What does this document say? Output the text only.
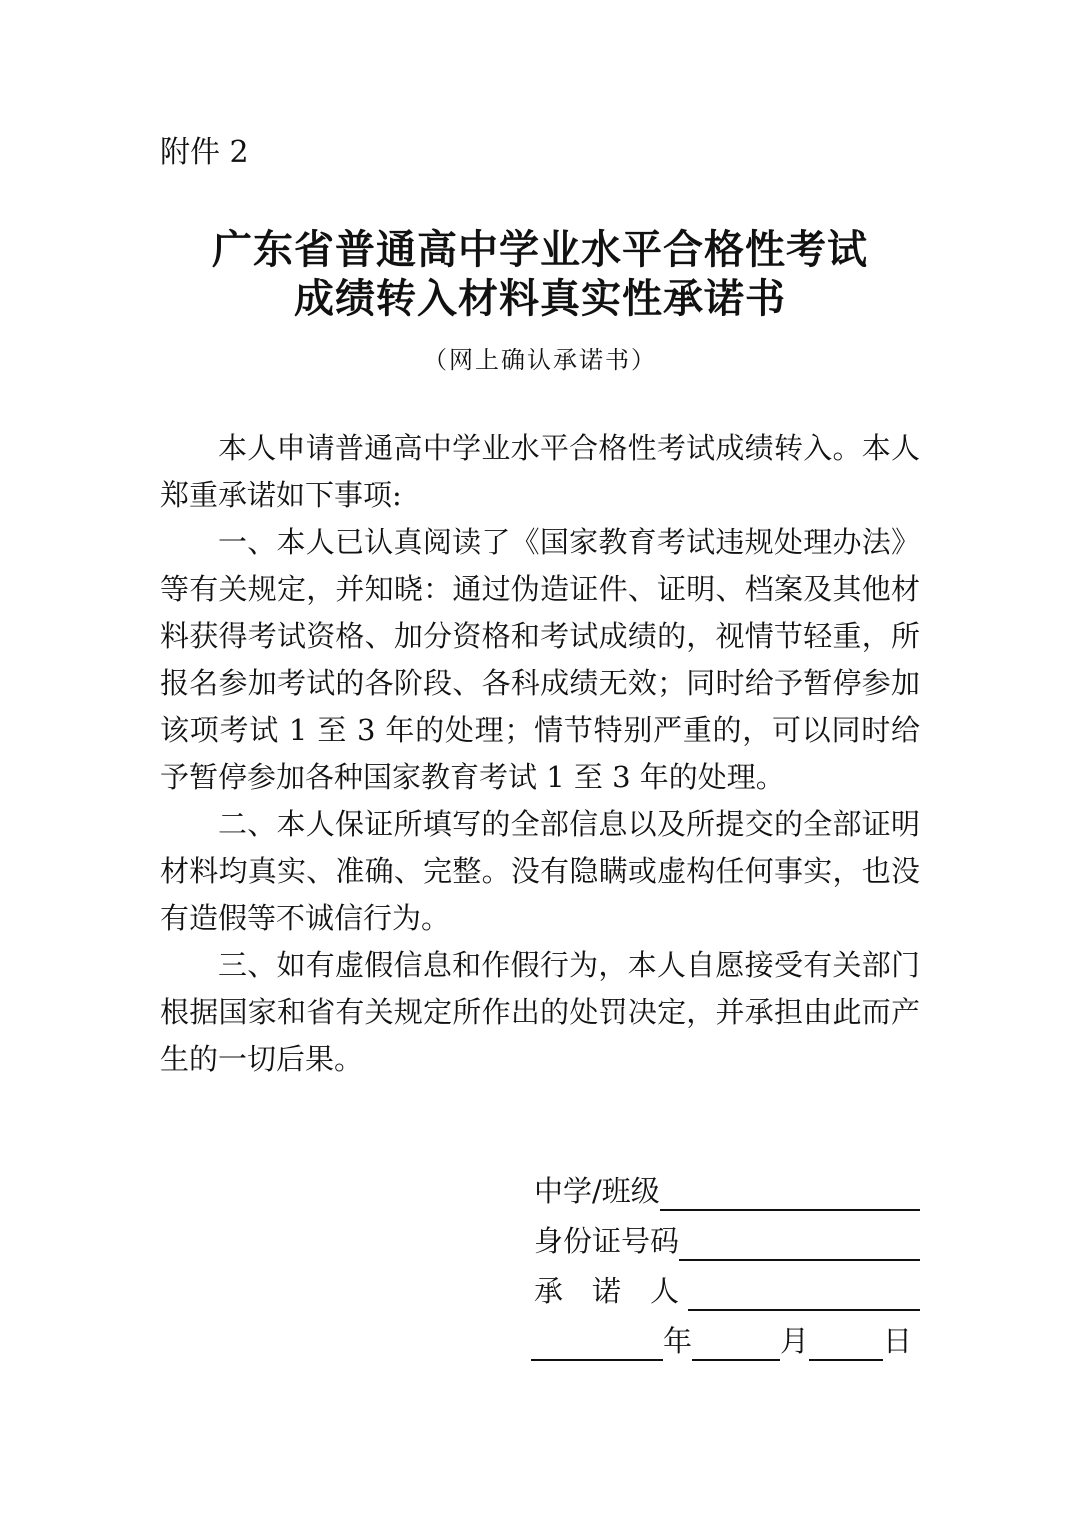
附件 2
广东省普通高中学业水平合格性考试
成绩转入材料真实性承诺书
（网上确认承诺书）

本人申请普通高中学业水平合格性考试成绩转入。本人郑重承诺如下事项:

一、本人已认真阅读了《国家教育考试违规处理办法》等有关规定，并知晓：通过伪造证件、证明、档案及其他材料获得考试资格、加分资格和考试成绩的，视情节轻重，所报名参加考试的各阶段、各科成绩无效；同时给予暂停参加该项考试 1 至 3 年的处理；情节特别严重的，可以同时给予暂停参加各种国家教育考试 1 至 3 年的处理。

二、本人保证所填写的全部信息以及所提交的全部证明材料均真实、准确、完整。没有隐瞒或虚构任何事实，也没有造假等不诚信行为。

三、如有虚假信息和作假行为，本人自愿接受有关部门根据国家和省有关规定所作出的处罚决定，并承担由此而产生的一切后果。

中学/班级
身份证号码
承　诺　人
年	月	日
